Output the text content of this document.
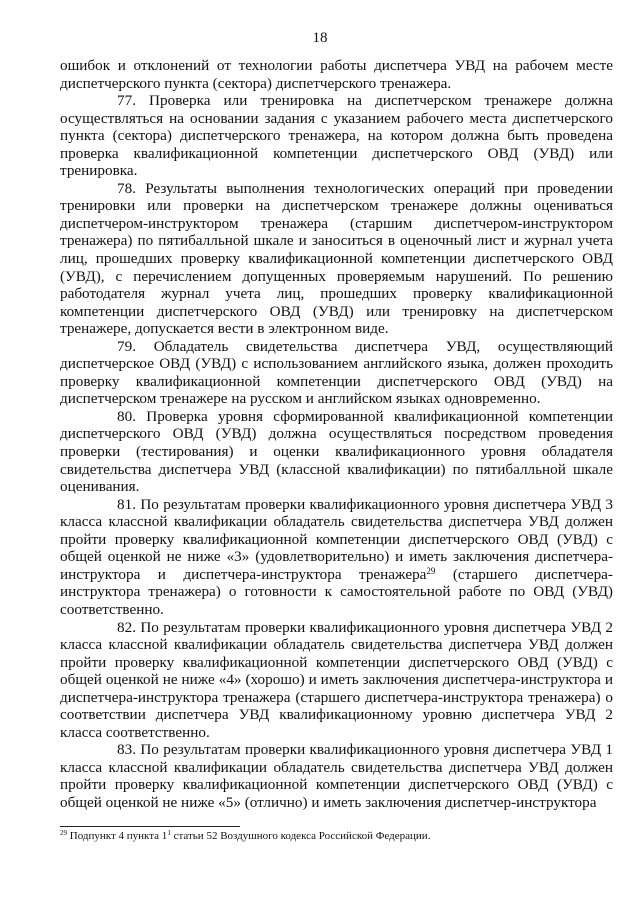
18

ошибок и отклонений от технологии работы диспетчера УВД на рабочем месте диспетчерского пункта (сектора) диспетчерского тренажера.

77. Проверка или тренировка на диспетчерском тренажере должна осуществляться на основании задания с указанием рабочего места диспетчерского пункта (сектора) диспетчерского тренажера, на котором должна быть проведена проверка квалификационной компетенции диспетчерского ОВД (УВД) или тренировка.

78. Результаты выполнения технологических операций при проведении тренировки или проверки на диспетчерском тренажере должны оцениваться диспетчером-инструктором тренажера (старшим диспетчером-инструктором тренажера) по пятибалльной шкале и заноситься в оценочный лист и журнал учета лиц, прошедших проверку квалификационной компетенции диспетчерского ОВД (УВД), с перечислением допущенных проверяемым нарушений. По решению работодателя журнал учета лиц, прошедших проверку квалификационной компетенции диспетчерского ОВД (УВД) или тренировку на диспетчерском тренажере, допускается вести в электронном виде.

79. Обладатель свидетельства диспетчера УВД, осуществляющий диспетчерское ОВД (УВД) с использованием английского языка, должен проходить проверку квалификационной компетенции диспетчерского ОВД (УВД) на диспетчерском тренажере на русском и английском языках одновременно.

80. Проверка уровня сформированной квалификационной компетенции диспетчерского ОВД (УВД) должна осуществляться посредством проведения проверки (тестирования) и оценки квалификационного уровня обладателя свидетельства диспетчера УВД (классной квалификации) по пятибалльной шкале оценивания.

81. По результатам проверки квалификационного уровня диспетчера УВД 3 класса классной квалификации обладатель свидетельства диспетчера УВД должен пройти проверку квалификационной компетенции диспетчерского ОВД (УВД) с общей оценкой не ниже «3» (удовлетворительно) и иметь заключения диспетчера-инструктора и диспетчера-инструктора тренажера$^{29}$ (старшего диспетчера-инструктора тренажера) о готовности к самостоятельной работе по ОВД (УВД) соответственно.

82. По результатам проверки квалификационного уровня диспетчера УВД 2 класса классной квалификации обладатель свидетельства диспетчера УВД должен пройти проверку квалификационной компетенции диспетчерского ОВД (УВД) с общей оценкой не ниже «4» (хорошо) и иметь заключения диспетчера-инструктора и диспетчера-инструктора тренажера (старшего диспетчера-инструктора тренажера) о соответствии диспетчера УВД квалификационному уровню диспетчера УВД 2 класса соответственно.

83. По результатам проверки квалификационного уровня диспетчера УВД 1 класса классной квалификации обладатель свидетельства диспетчера УВД должен пройти проверку квалификационной компетенции диспетчерского ОВД (УВД) с общей оценкой не ниже «5» (отлично) и иметь заключения диспетчер-инструктора

$^{29}$ Подпункт 4 пункта $1^1$ статьи 52 Воздушного кодекса Российской Федерации.
